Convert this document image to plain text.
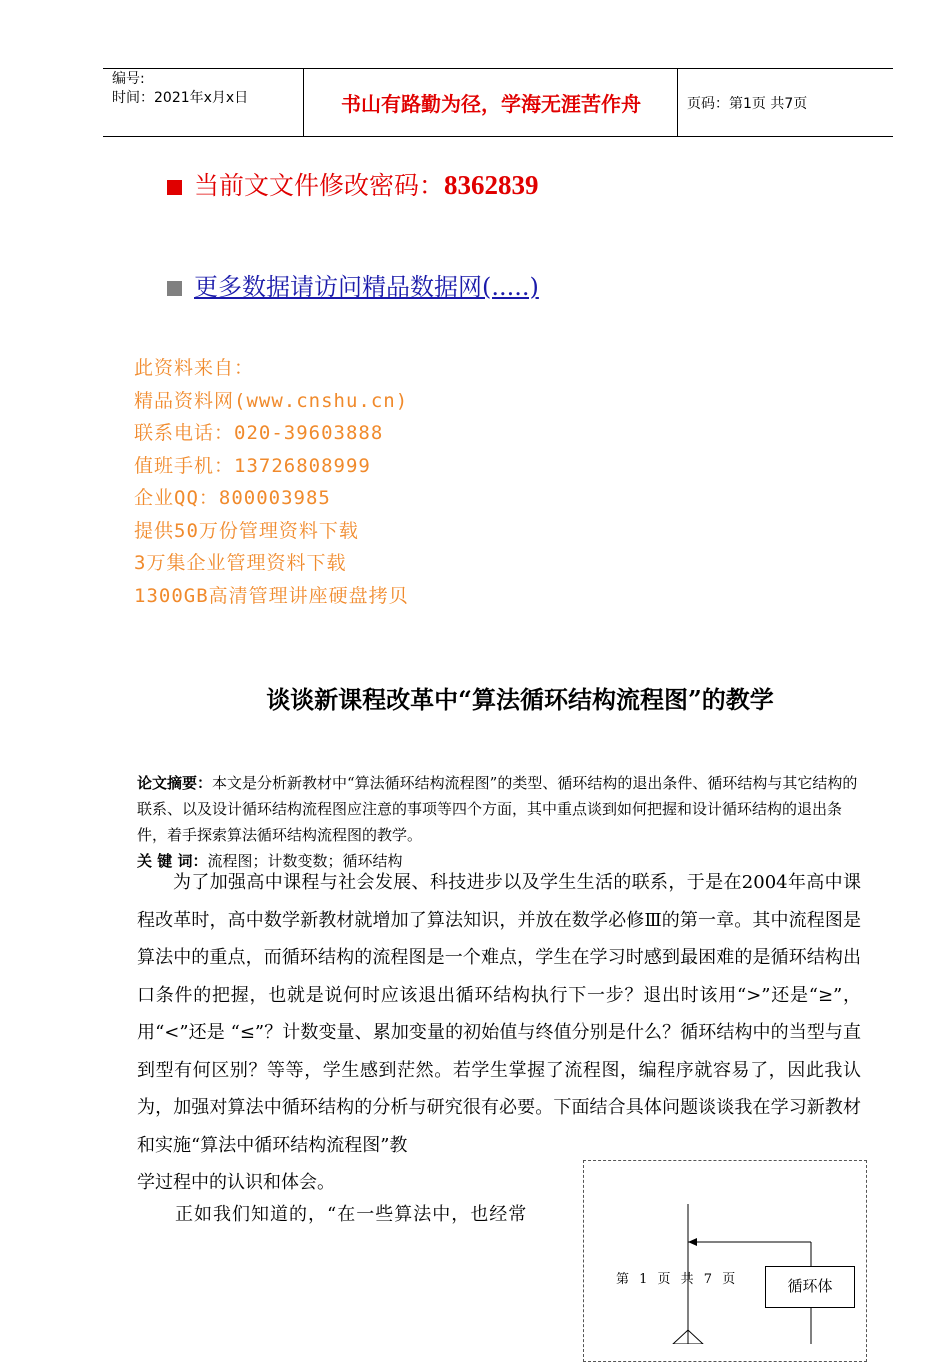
编号:
时间：2021年x月x日	书山有路勤为径，学海无涯苦作舟	页码：第1页 共7页
当前文文件修改密码：8362839
更多数据请访问精品数据网(.....)
此资料来自：
精品资料网(www.cnshu.cn)
联系电话：020-39603888
值班手机：13726808999
企业QQ：800003985
提供50万份管理资料下载
3万集企业管理资料下载
1300GB高清管理讲座硬盘拷贝
谈谈新课程改革中“算法循环结构流程图”的教学
论文摘要：本文是分析新教材中“算法循环结构流程图”的类型、循环结构的退出条件、循环结构与其它结构的联系、以及设计循环结构流程图应注意的事项等四个方面，其中重点谈到如何把握和设计循环结构的退出条件，着手探索算法循环结构流程图的教学。
关 键 词：流程图；计数变数；循环结构

为了加强高中课程与社会发展、科技进步以及学生生活的联系，于是在2004年高中课程改革时，高中数学新教材就增加了算法知识，并放在数学必修Ⅲ的第一章。其中流程图是算法中的重点，而循环结构的流程图是一个难点，学生在学习时感到最困难的是循环结构出口条件的把握，也就是说何时应该退出循环结构执行下一步？退出时该用“>”还是“≥”，用“<”还是 “≤”？计数变量、累加变量的初始值与终值分别是什么？循环结构中的当型与直到型有何区别？等等，学生感到茫然。若学生掌握了流程图，编程序就容易了，因此我认为，加强对算法中循环结构的分析与研究很有必要。下面结合具体问题谈谈我在学习新教材和实施“算法中循环结构流程图”教

学过程中的认识和体会。

正如我们知道的，“在一些算法中，也经常
循环体
第 1 页 共 7 页
